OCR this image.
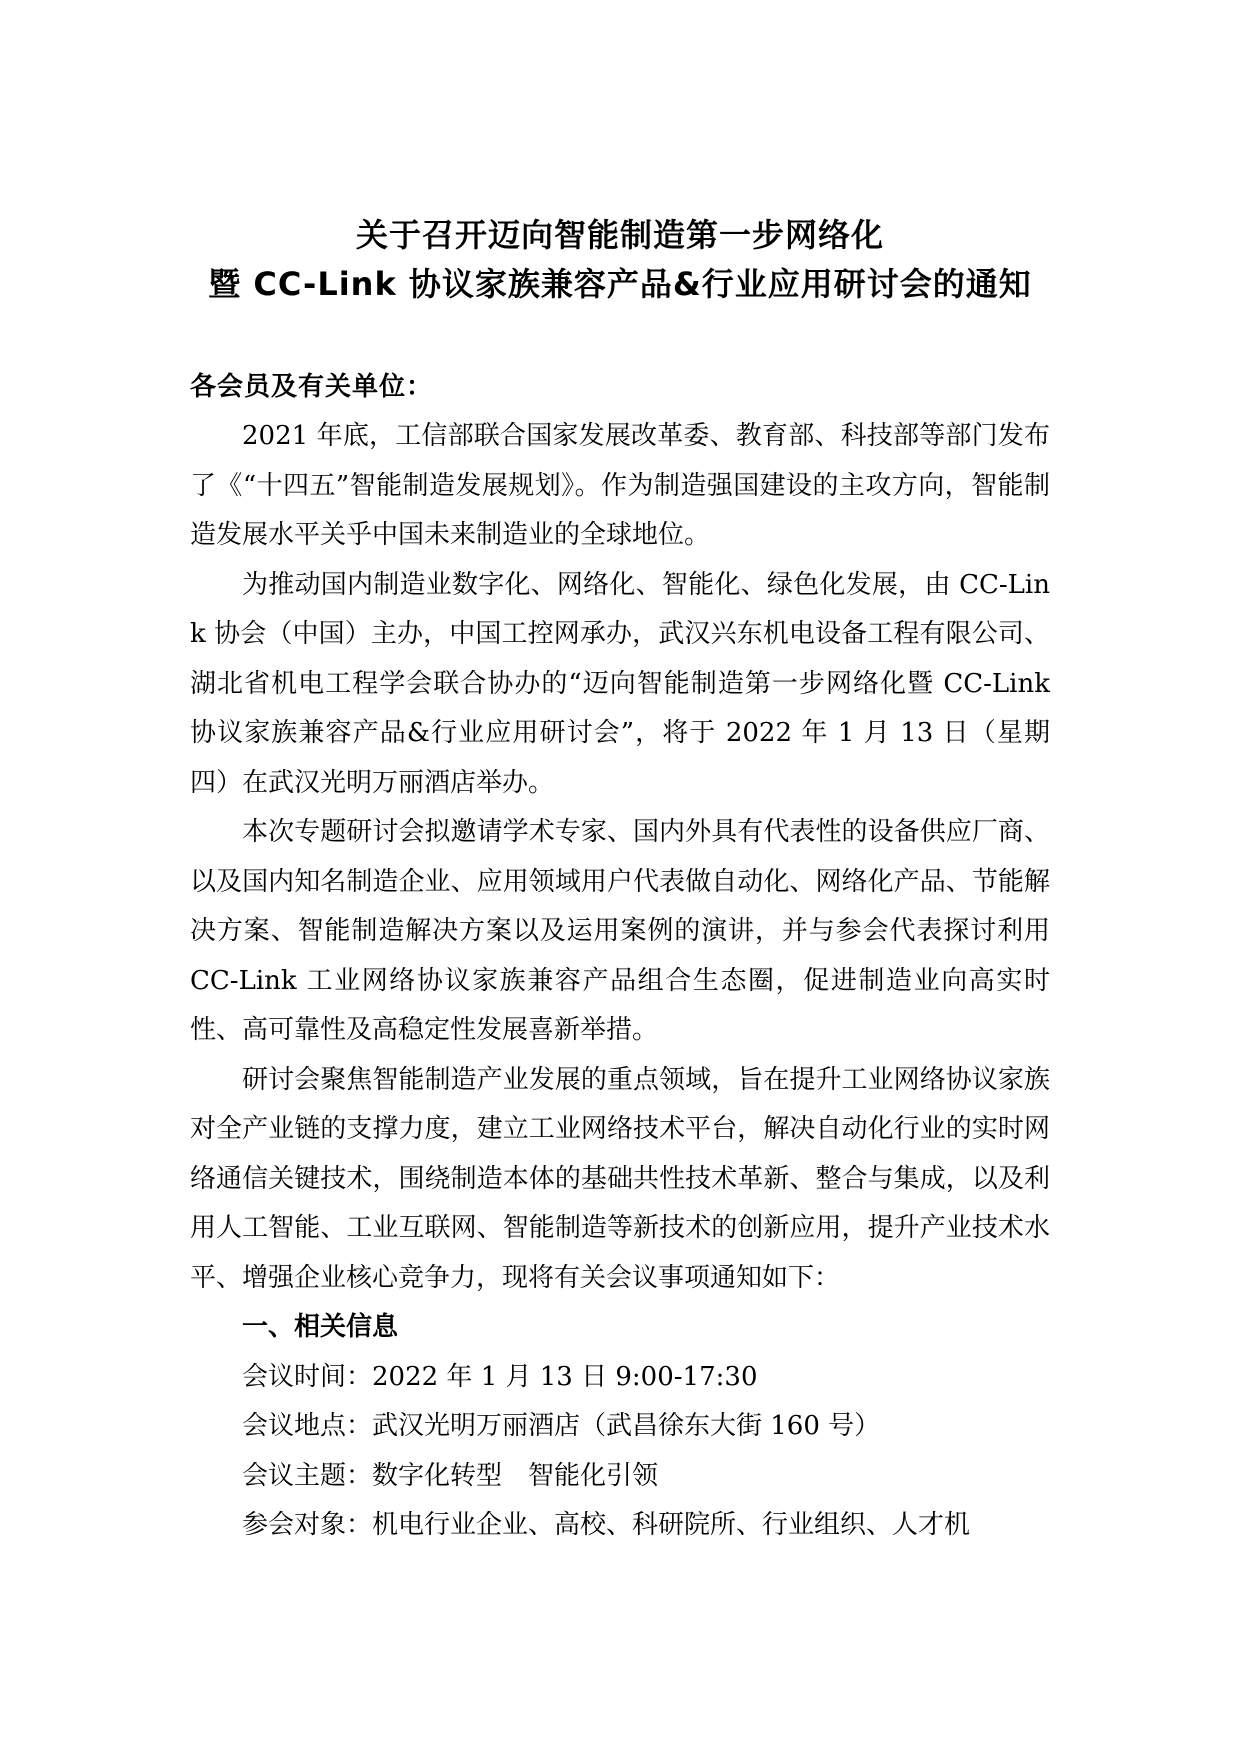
关于召开迈向智能制造第一步网络化
暨 CC-Link 协议家族兼容产品&行业应用研讨会的通知
各会员及有关单位：

2021 年底，工信部联合国家发展改革委、教育部、科技部等部门发布了《“十四五”智能制造发展规划》。作为制造强国建设的主攻方向，智能制造发展水平关乎中国未来制造业的全球地位。

为推动国内制造业数字化、网络化、智能化、绿色化发展，由 CC-Link 协会（中国）主办，中国工控网承办，武汉兴东机电设备工程有限公司、湖北省机电工程学会联合协办的“迈向智能制造第一步网络化暨 CC-Link 协议家族兼容产品&行业应用研讨会”，将于 2022 年 1 月 13 日（星期四）在武汉光明万丽酒店举办。

本次专题研讨会拟邀请学术专家、国内外具有代表性的设备供应厂商、以及国内知名制造企业、应用领域用户代表做自动化、网络化产品、节能解决方案、智能制造解决方案以及运用案例的演讲，并与参会代表探讨利用 CC-Link 工业网络协议家族兼容产品组合生态圈，促进制造业向高实时性、高可靠性及高稳定性发展喜新举措。

研讨会聚焦智能制造产业发展的重点领域，旨在提升工业网络协议家族对全产业链的支撑力度，建立工业网络技术平台，解决自动化行业的实时网络通信关键技术，围绕制造本体的基础共性技术革新、整合与集成，以及利用人工智能、工业互联网、智能制造等新技术的创新应用，提升产业技术水平、增强企业核心竞争力，现将有关会议事项通知如下：

一、相关信息

会议时间：2022 年 1 月 13 日 9:00-17:30

会议地点：武汉光明万丽酒店（武昌徐东大街 160 号）

会议主题：数字化转型　智能化引领

参会对象：机电行业企业、高校、科研院所、行业组织、人才机
